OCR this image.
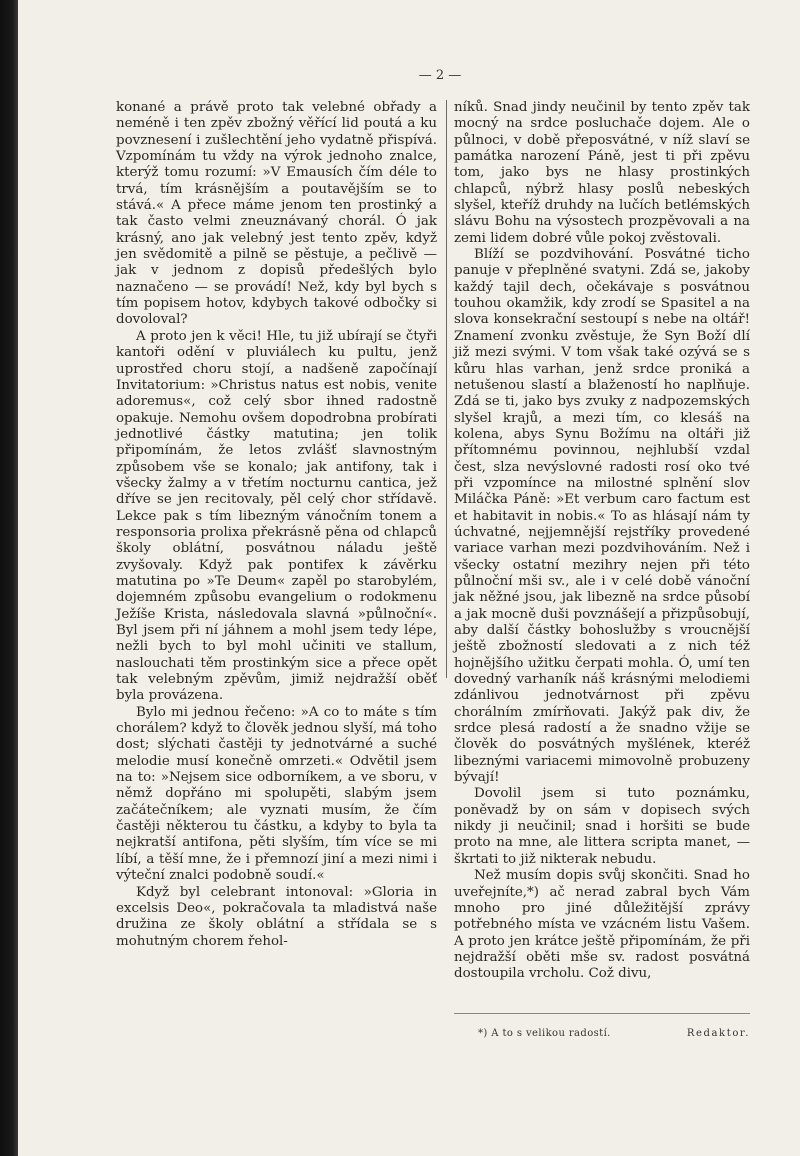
— 2 —

konané a právě proto tak velebné obřady a neméně i ten zpěv zbožný věřící lid poutá a ku povznesení i zušlechtění jeho vydatně přispívá. Vzpomínám tu vždy na výrok jednoho znalce, kterýž tomu rozumí: »V Emausích čím déle to trvá, tím krásnějším a poutavějším se to stává.« A přece máme jenom ten prostinký a tak často velmi zneuznávaný chorál. Ó jak krásný, ano jak velebný jest tento zpěv, když jen svědomitě a pilně se pěstuje, a pečlivě — jak v jednom z dopisů předešlých bylo naznačeno — se provádí! Než, kdy byl bych s tím popisem hotov, kdybych takové odbočky si dovoloval?

A proto jen k věci! Hle, tu již ubírají se čtyři kantoři odění v pluviálech ku pultu, jenž uprostřed choru stojí, a nadšeně započínají Invitatorium: »Christus natus est nobis, venite adoremus«, což celý sbor ihned radostně opakuje. Nemohu ovšem dopodrobna probírati jednotlivé částky matutina; jen tolik připomínám, že letos zvlášť slavnostným způsobem vše se konalo; jak antifony, tak i všecky žalmy a v třetím nocturnu cantica, jež dříve se jen recitovaly, pěl celý chor střídavě. Lekce pak s tím libezným vánočním tonem a responsoria prolixa překrásně pěna od chlapců školy oblátní, posvátnou náladu ještě zvyšovaly. Když pak pontifex k závěrku matutina po »Te Deum« zapěl po starobylém, dojemném způsobu evangelium o rodokmenu Ježíše Krista, následovala slavná »půlnoční«. Byl jsem při ní jáhnem a mohl jsem tedy lépe, nežli bych to byl mohl učiniti ve stallum, naslouchati těm prostinkým sice a přece opět tak velebným zpěvům, jimiž nejdražší oběť byla provázena.

Bylo mi jednou řečeno: »A co to máte s tím chorálem? když to člověk jednou slyší, má toho dost; slýchati častěji ty jednotvárné a suché melodie musí konečně omrzeti.« Odvětil jsem na to: »Nejsem sice odborníkem, a ve sboru, v němž dopřáno mi spolupěti, slabým jsem začátečníkem; ale vyznati musím, že čím častěji některou tu částku, a kdyby to byla ta nejkratší antifona, pěti slyším, tím více se mi líbí, a těší mne, že i přemnozí jiní a mezi nimi i výteční znalci podobně soudí.«

Když byl celebrant intonoval: »Gloria in excelsis Deo«, pokračovala ta mladistvá naše družina ze školy oblátní a střídala se s mohutným chorem řehol-

níků. Snad jindy neučinil by tento zpěv tak mocný na srdce posluchače dojem. Ale o půlnoci, v době přeposvátné, v níž slaví se památka narození Páně, jest ti při zpěvu tom, jako bys ne hlasy prostinkých chlapců, nýbrž hlasy poslů nebeských slyšel, kteříž druhdy na lučích betlémských slávu Bohu na výsostech prozpěvovali a na zemi lidem dobré vůle pokoj zvěstovali.

Blíží se pozdvihování. Posvátné ticho panuje v přeplněné svatyni. Zdá se, jakoby každý tajil dech, očekávaje s posvátnou touhou okamžik, kdy zrodí se Spasitel a na slova konsekrační sestoupí s nebe na oltář! Znamení zvonku zvěstuje, že Syn Boží dlí již mezi svými. V tom však také ozývá se s kůru hlas varhan, jenž srdce proniká a netušenou slastí a blažeností ho naplňuje. Zdá se ti, jako bys zvuky z nadpozemských slyšel krajů, a mezi tím, co klesáš na kolena, abys Synu Božímu na oltáři již přítomnému povinnou, nejhlubší vzdal čest, slza nevýslovné radosti rosí oko tvé při vzpomínce na milostné splnění slov Miláčka Páně: »Et verbum caro factum est et habitavit in nobis.« To as hlásají nám ty úchvatné, nejjemnější rejstříky provedené variace varhan mezi pozdvihováním. Než i všecky ostatní mezihry nejen při této půlnoční mši sv., ale i v celé době vánoční jak něžné jsou, jak libezně na srdce působí a jak mocně duši povznášejí a přizpůsobují, aby další částky bohoslužby s vroucnější ještě zbožností sledovati a z nich též hojnějšího užitku čerpati mohla. Ó, umí ten dovedný varhaník náš krásnými melodiemi zdánlivou jednotvárnost při zpěvu chorálním zmírňovati. Jakýž pak div, že srdce plesá radostí a že snadno vžije se člověk do posvátných myšlének, kteréž libeznými variacemi mimovolně probuzeny bývají!

Dovolil jsem si tuto poznámku, poněvadž by on sám v dopisech svých nikdy ji neučinil; snad i horšiti se bude proto na mne, ale littera scripta manet, — škrtati to již nikterak nebudu.

Než musím dopis svůj skončiti. Snad ho uveřejníte,*) ač nerad zabral bych Vám mnoho pro jiné důležitější zprávy potřebného místa ve vzácném listu Vašem. A proto jen krátce ještě připomínám, že při nejdražší oběti mše sv. radost posvátná dostoupila vrcholu. Což divu,

*) A to s velikou radostí.	Redaktor.
